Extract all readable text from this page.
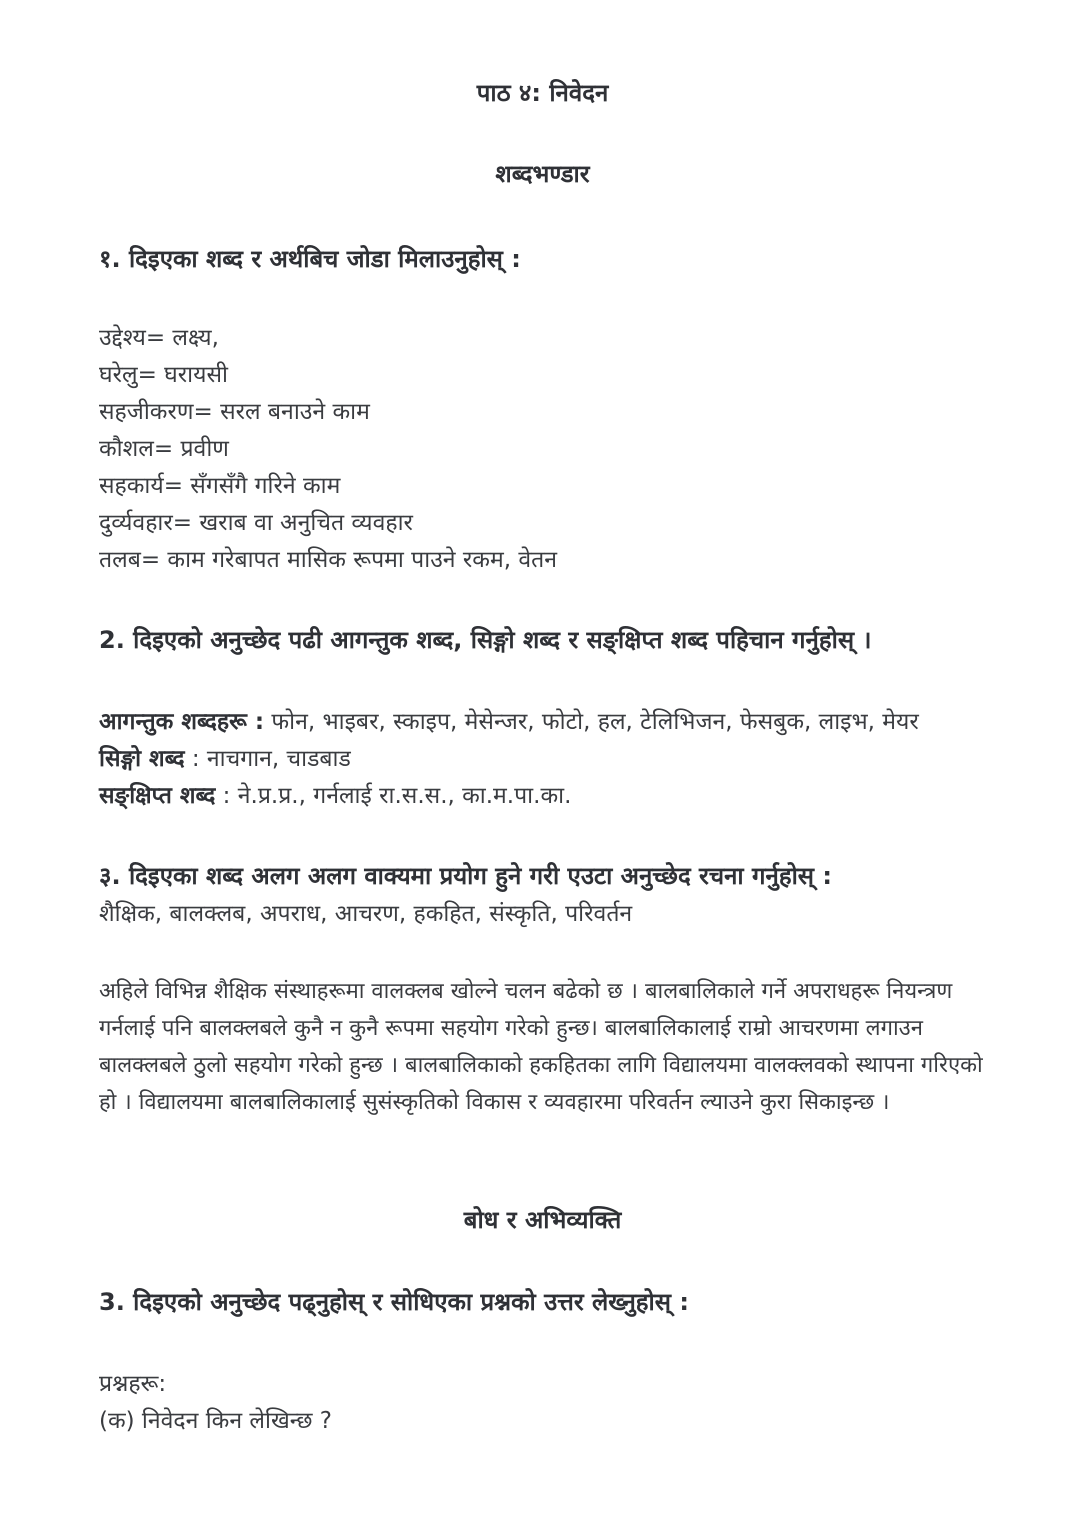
पाठ ४: निवेदन
शब्दभण्डार
१. दिइएका शब्द र अर्थबिच जोडा मिलाउनुहोस् :
उद्देश्य= लक्ष्य,
घरेलु= घरायसी
सहजीकरण= सरल बनाउने काम
कौशल= प्रवीण
सहकार्य= सँगसँगै गरिने काम
दुर्व्यवहार= खराब वा अनुचित व्यवहार
तलब= काम गरेबापत मासिक रूपमा पाउने रकम, वेतन
2. दिइएको अनुच्छेद पढी आगन्तुक शब्द, सिङ्गो शब्द र सङ्क्षिप्त शब्द पहिचान गर्नुहोस् ।
आगन्तुक शब्दहरू : फोन, भाइबर, स्काइप, मेसेन्जर, फोटो, हल, टेलिभिजन, फेसबुक, लाइभ, मेयर
सिङ्गो शब्द : नाचगान, चाडबाड
सङ्क्षिप्त शब्द : ने.प्र.प्र., गर्नलाई रा.स.स., का.म.पा.का.
३. दिइएका शब्द अलग अलग वाक्यमा प्रयोग हुने गरी एउटा अनुच्छेद रचना गर्नुहोस् :
शैक्षिक, बालक्लब, अपराध, आचरण, हकहित, संस्कृति, परिवर्तन
अहिले विभिन्न शैक्षिक संस्थाहरूमा वालक्लब खोल्ने चलन बढेको छ । बालबालिकाले गर्ने अपराधहरू नियन्त्रण गर्नलाई पनि बालक्लबले कुनै न कुनै रूपमा सहयोग गरेको हुन्छ। बालबालिकालाई राम्रो आचरणमा लगाउन बालक्लबले ठुलो सहयोग गरेको हुन्छ । बालबालिकाको हकहितका लागि विद्यालयमा वालक्लवको स्थापना गरिएको हो । विद्यालयमा बालबालिकालाई सुसंस्कृतिको विकास र व्यवहारमा परिवर्तन ल्याउने कुरा सिकाइन्छ ।
बोध र अभिव्यक्ति
3. दिइएको अनुच्छेद पढ्नुहोस् र सोधिएका प्रश्नको उत्तर लेख्नुहोस् :
प्रश्नहरू:
(क) निवेदन किन लेखिन्छ ?
